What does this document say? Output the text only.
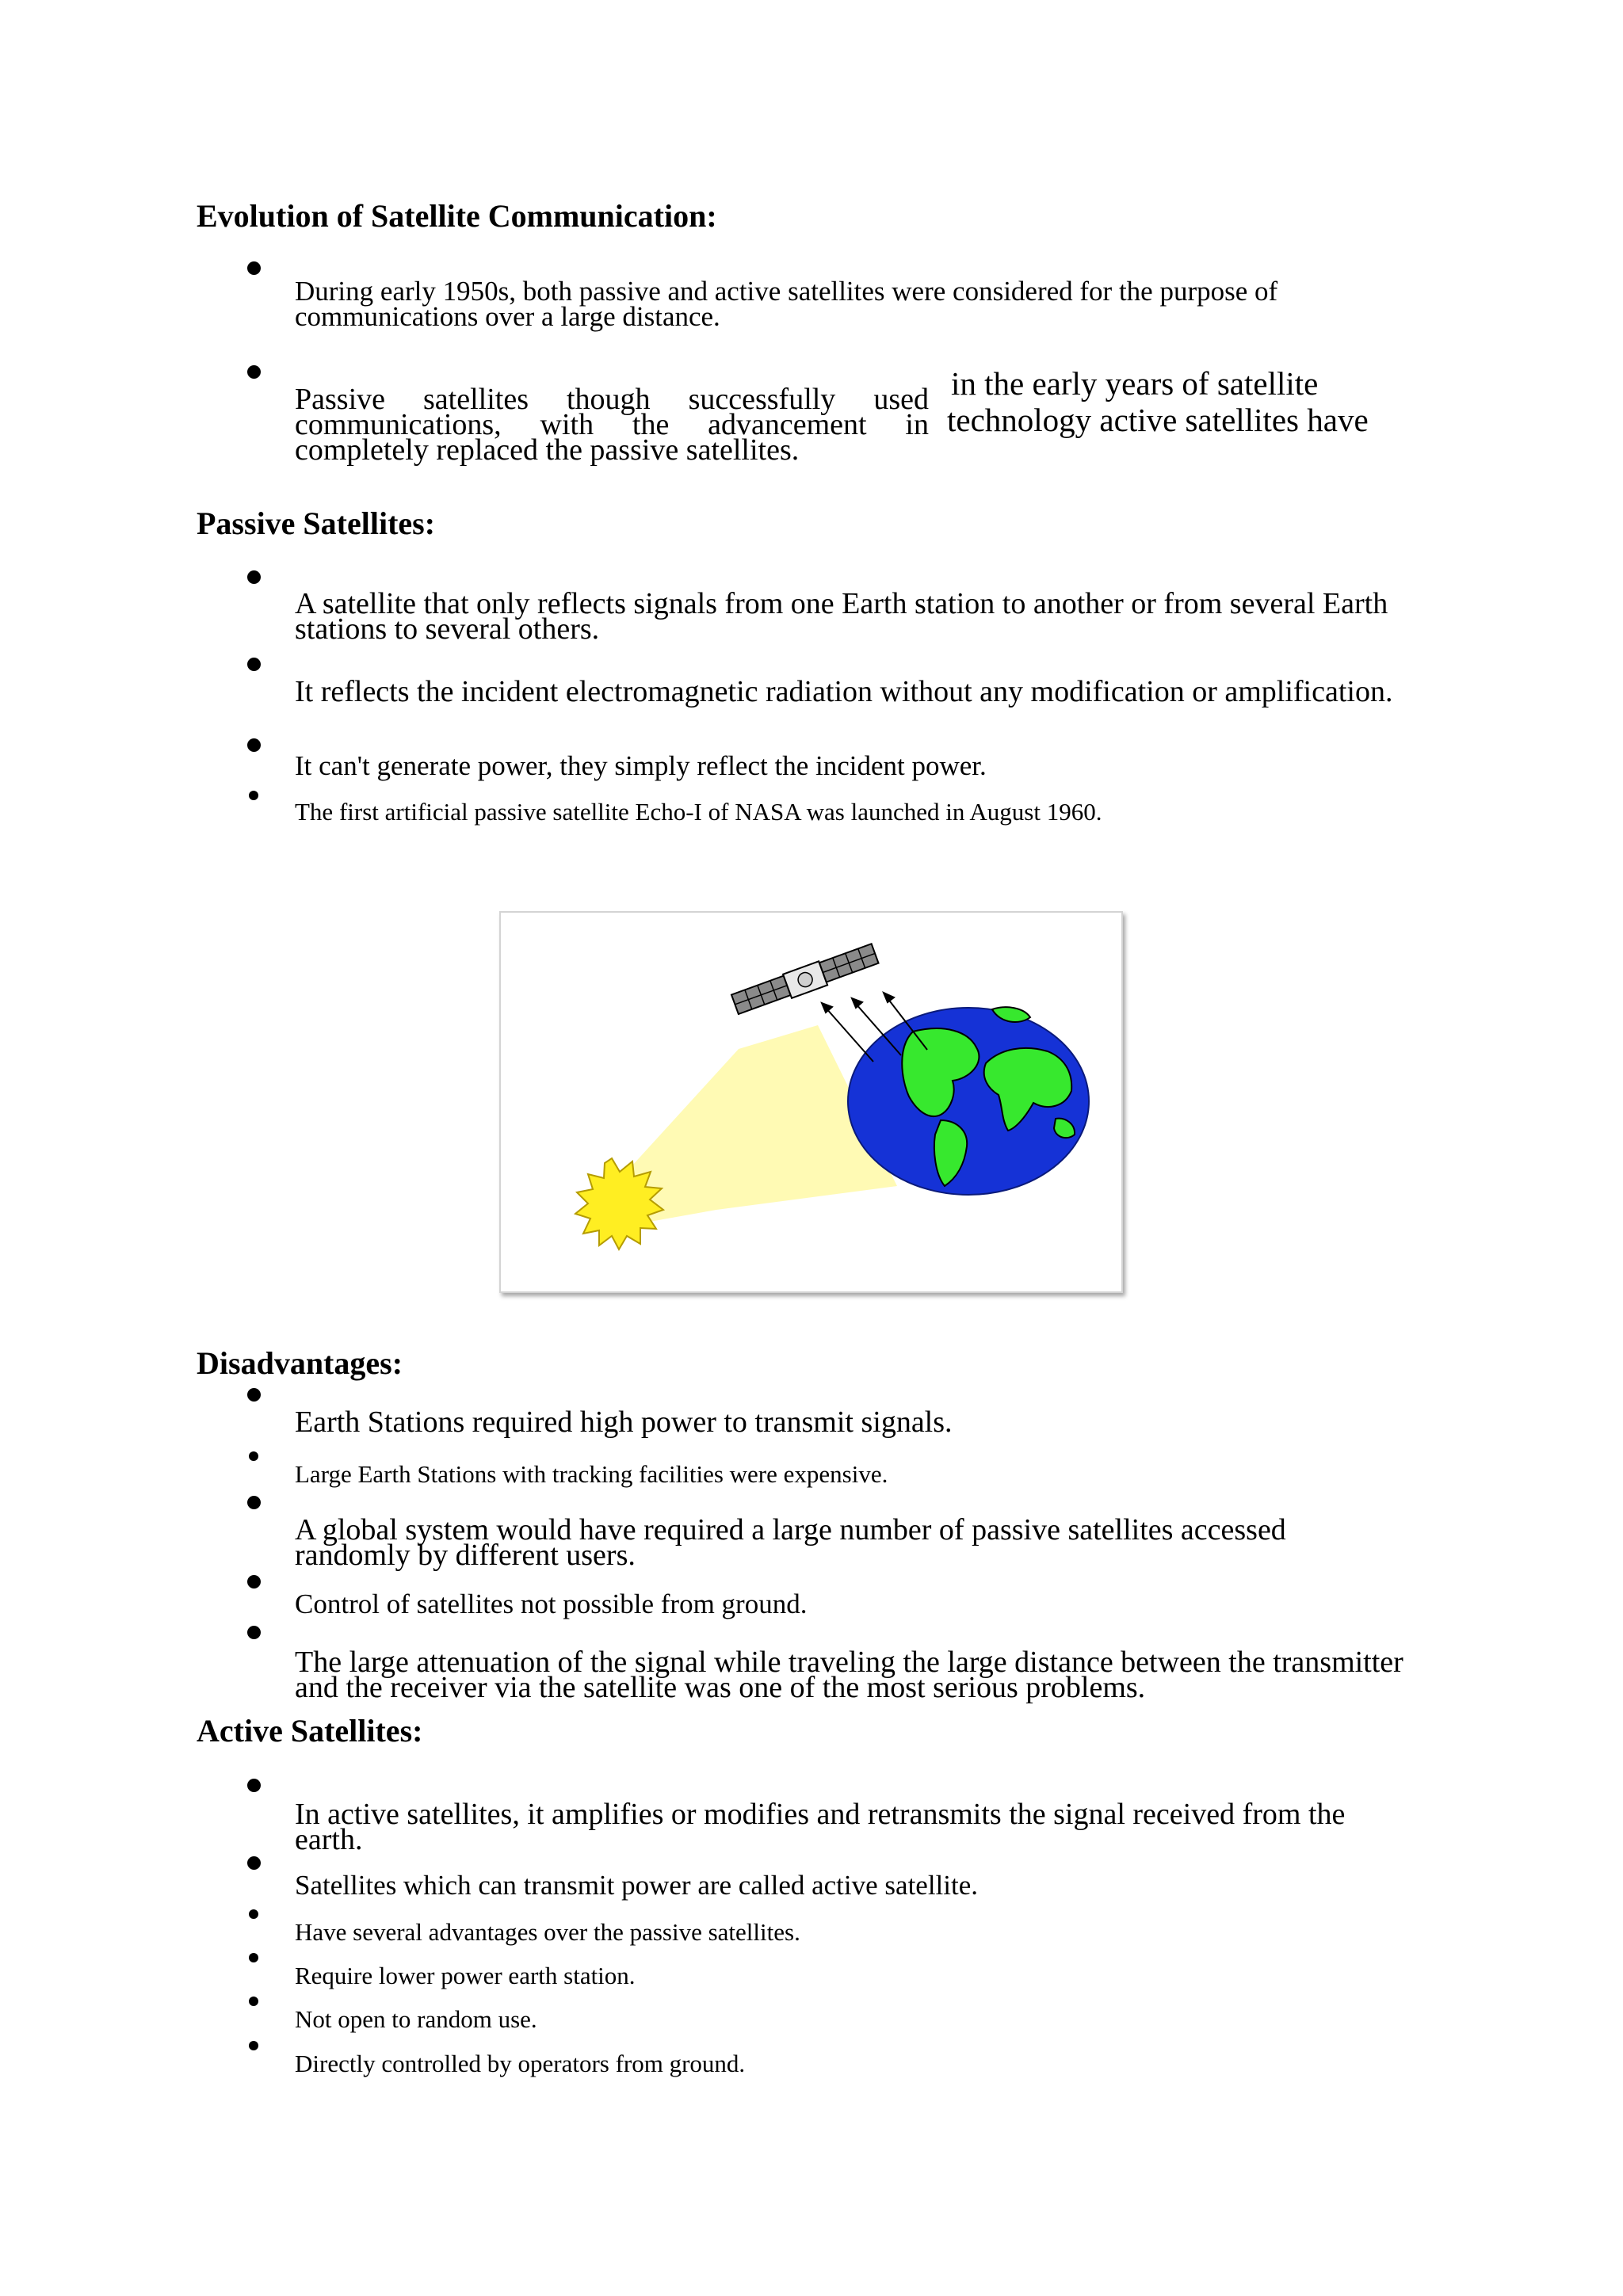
Evolution of Satellite Communication:

During early 1950s, both passive and active satellites were considered for the purpose of communications over a large distance.

Passive satellites though successfully used communications, with the advancement in completely replaced the passive satellites.

in the early years of satellite

technology active satellites have

Passive Satellites:

A satellite that only reflects signals from one Earth station to another or from several Earth stations to several others.

It reflects the incident electromagnetic radiation without any modification or amplification.

It can't generate power, they simply reflect the incident power.

The first artificial passive satellite Echo-I of NASA was launched in August 1960.

Disadvantages:

Earth Stations required high power to transmit signals.

Large Earth Stations with tracking facilities were expensive.

A global system would have required a large number of passive satellites accessed randomly by different users.

Control of satellites not possible from ground.

The large attenuation of the signal while traveling the large distance between the transmitter and the receiver via the satellite was one of the most serious problems.

Active Satellites:

In active satellites, it amplifies or modifies and retransmits the signal received from the earth.

Satellites which can transmit power are called active satellite.

Have several advantages over the passive satellites.

Require lower power earth station.

Not open to random use.

Directly controlled by operators from ground.
